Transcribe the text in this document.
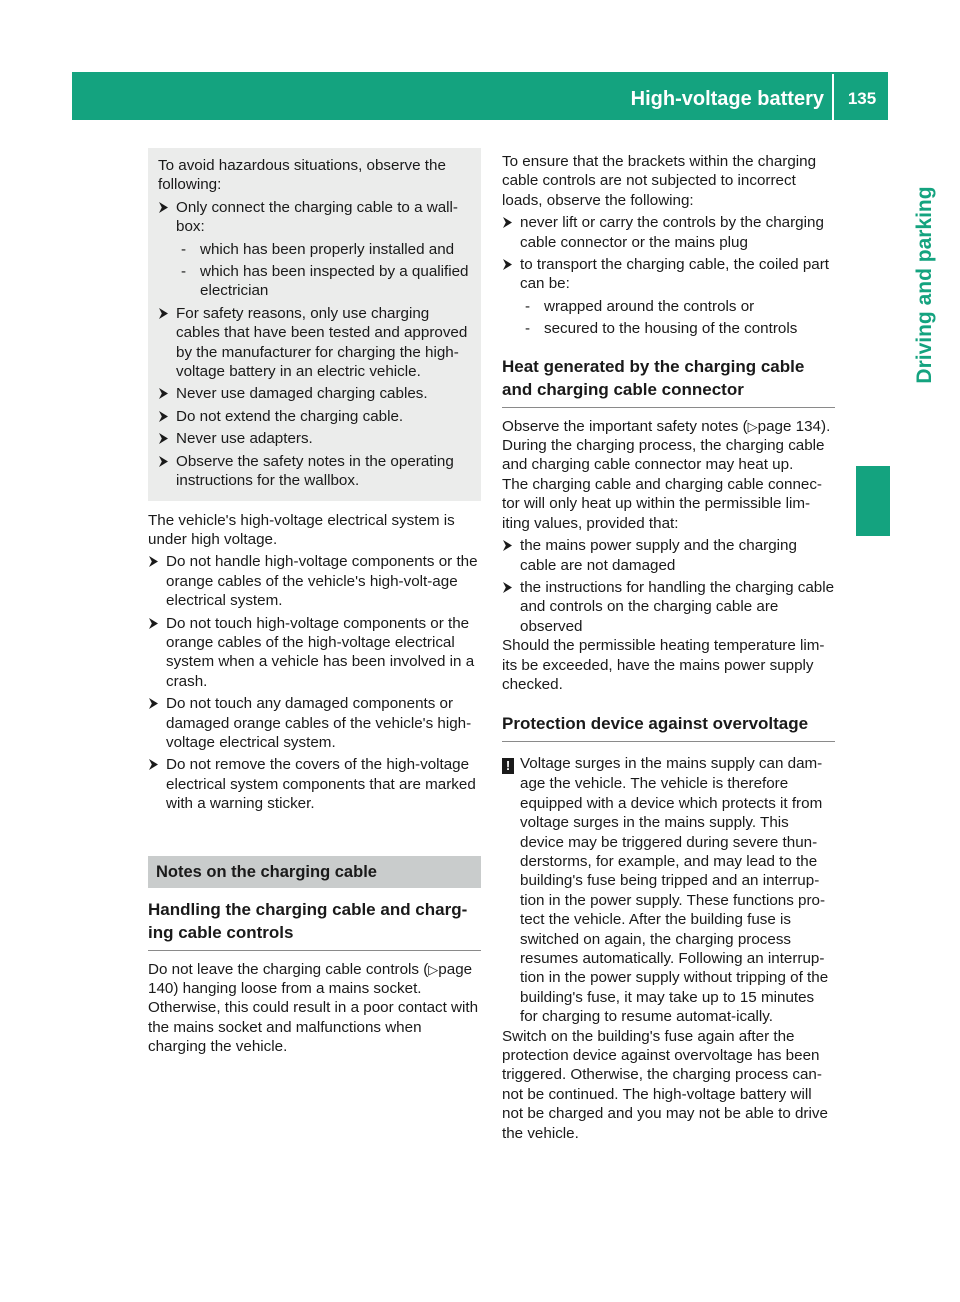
High-voltage battery	135
Driving and parking

To avoid hazardous situations, observe the following:

Only connect the charging cable to a wall-box:
- which has been properly installed and
- which has been inspected by a qualified electrician
For safety reasons, only use charging cables that have been tested and approved by the manufacturer for charging the high-voltage battery in an electric vehicle.
Never use damaged charging cables.
Do not extend the charging cable.
Never use adapters.
Observe the safety notes in the operating instructions for the wallbox.

The vehicle's high-voltage electrical system is under high voltage.

Do not handle high-voltage components or the orange cables of the vehicle's high-volt-age electrical system.
Do not touch high-voltage components or the orange cables of the high-voltage electrical system when a vehicle has been involved in a crash.
Do not touch any damaged components or damaged orange cables of the vehicle's high-voltage electrical system.
Do not remove the covers of the high-voltage electrical system components that are marked with a warning sticker.
Notes on the charging cable
Handling the charging cable and charg-ing cable controls

Do not leave the charging cable controls (▷page 140) hanging loose from a mains socket. Otherwise, this could result in a poor contact with the mains socket and malfunctions when charging the vehicle.

To ensure that the brackets within the charging cable controls are not subjected to incorrect loads, observe the following:

never lift or carry the controls by the charging cable connector or the mains plug
to transport the charging cable, the coiled part can be:
- wrapped around the controls or
- secured to the housing of the controls
Heat generated by the charging cable and charging cable connector

Observe the important safety notes (▷page 134).

During the charging process, the charging cable and charging cable connector may heat up.

The charging cable and charging cable connec-tor will only heat up within the permissible lim-iting values, provided that:

the mains power supply and the charging cable are not damaged
the instructions for handling the charging cable and controls on the charging cable are observed

Should the permissible heating temperature lim-its be exceeded, have the mains power supply checked.

Protection device against overvoltage

! Voltage surges in the mains supply can dam-age the vehicle. The vehicle is therefore equipped with a device which protects it from voltage surges in the mains supply. This device may be triggered during severe thun-derstorms, for example, and may lead to the building's fuse being tripped and an interrup-tion in the power supply. These functions pro-tect the vehicle. After the building fuse is switched on again, the charging process resumes automatically. Following an interrup-tion in the power supply without tripping of the building's fuse, it may take up to 15 minutes for charging to resume automat-ically.

Switch on the building's fuse again after the protection device against overvoltage has been triggered. Otherwise, the charging process can-not be continued. The high-voltage battery will not be charged and you may not be able to drive the vehicle.
